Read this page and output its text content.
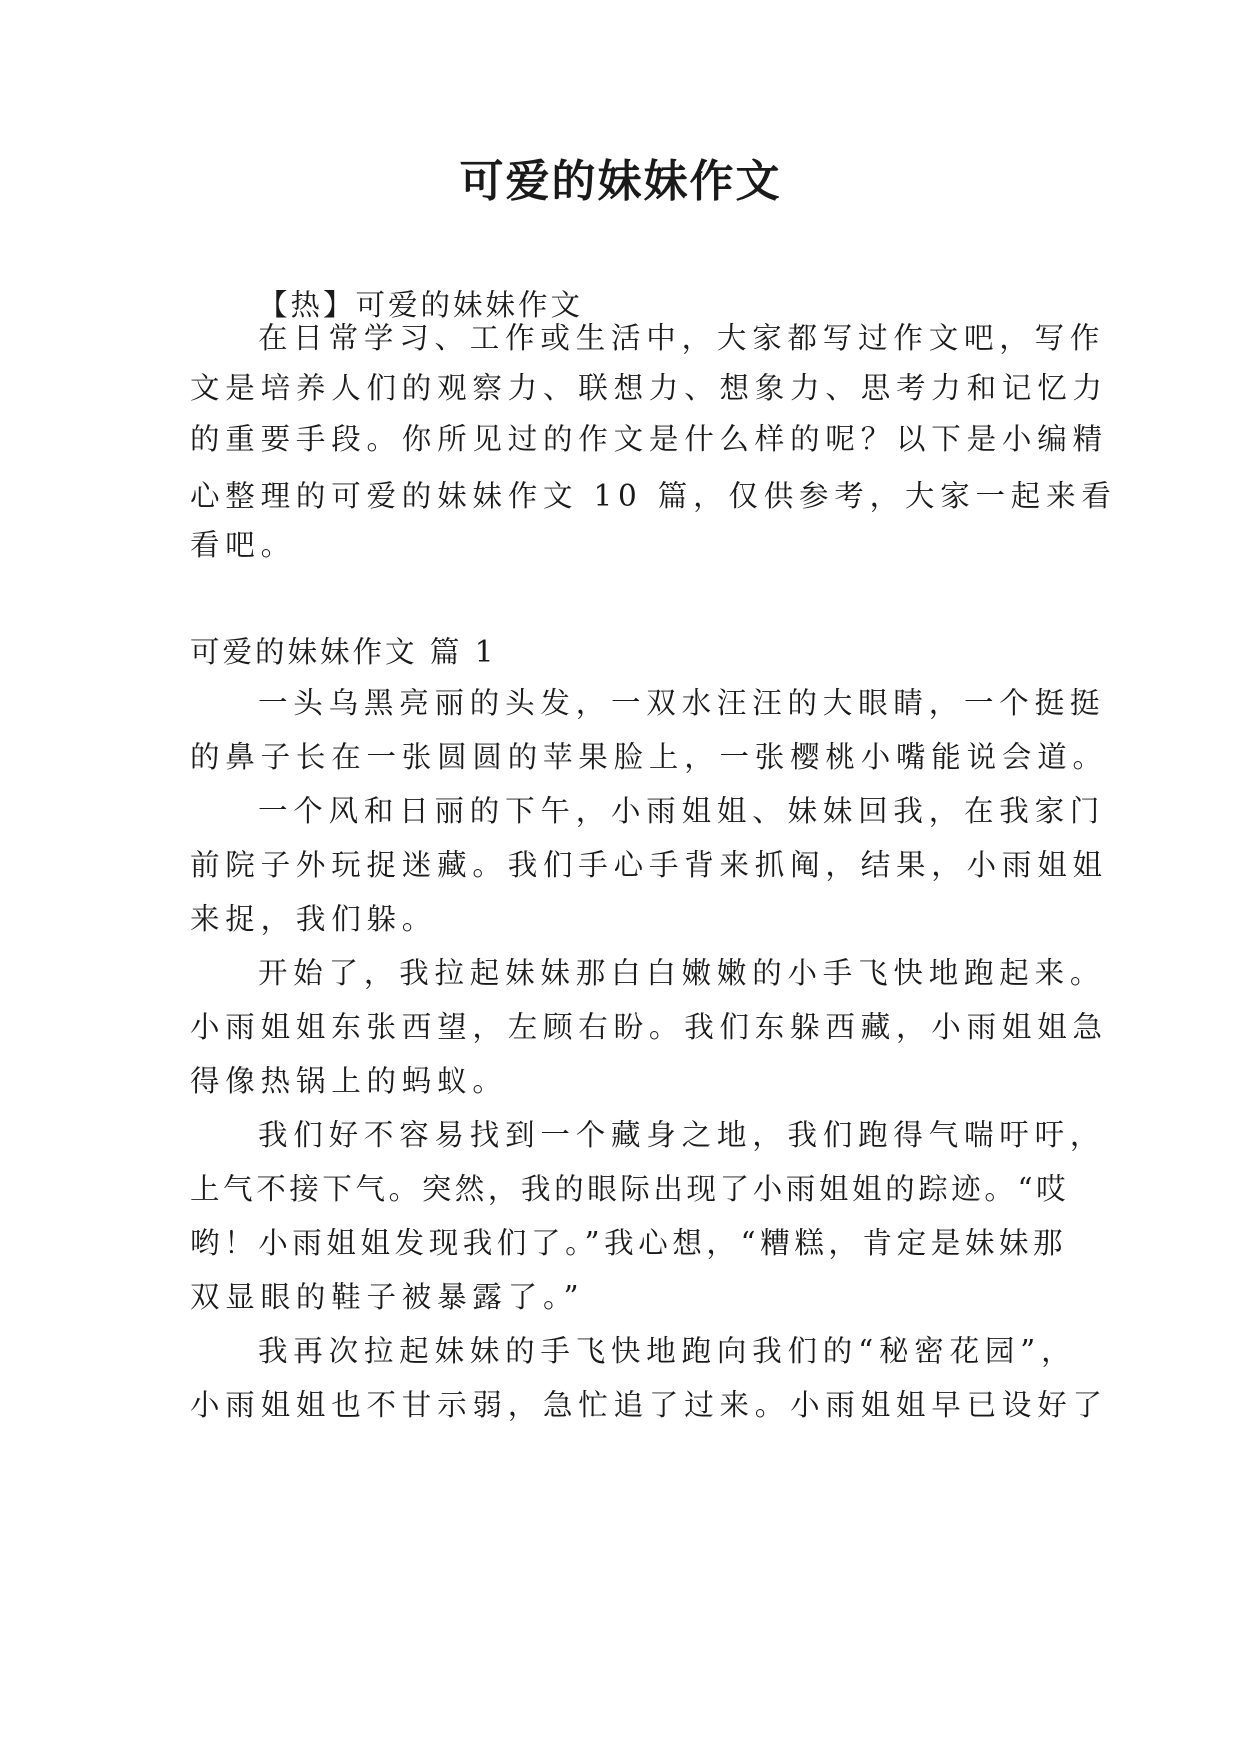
可爱的妹妹作文

【热】可爱的妹妹作文

在日常学习、工作或生活中，大家都写过作文吧，写作

文是培养人们的观察力、联想力、想象力、思考力和记忆力

的重要手段。你所见过的作文是什么样的呢？以下是小编精

心整理的可爱的妹妹作文 10 篇，仅供参考，大家一起来看

看吧。

可爱的妹妹作文 篇 1

一头乌黑亮丽的头发，一双水汪汪的大眼睛，一个挺挺

的鼻子长在一张圆圆的苹果脸上，一张樱桃小嘴能说会道。

一个风和日丽的下午，小雨姐姐、妹妹回我，在我家门

前院子外玩捉迷藏。我们手心手背来抓阄，结果，小雨姐姐

来捉，我们躲。

开始了，我拉起妹妹那白白嫩嫩的小手飞快地跑起来。

小雨姐姐东张西望，左顾右盼。我们东躲西藏，小雨姐姐急

得像热锅上的蚂蚁。

我们好不容易找到一个藏身之地，我们跑得气喘吁吁，

上气不接下气。突然，我的眼际出现了小雨姐姐的踪迹。“哎

哟！小雨姐姐发现我们了。”我心想，“糟糕，肯定是妹妹那

双显眼的鞋子被暴露了。”

我再次拉起妹妹的手飞快地跑向我们的“秘密花园”，

小雨姐姐也不甘示弱，急忙追了过来。小雨姐姐早已设好了
